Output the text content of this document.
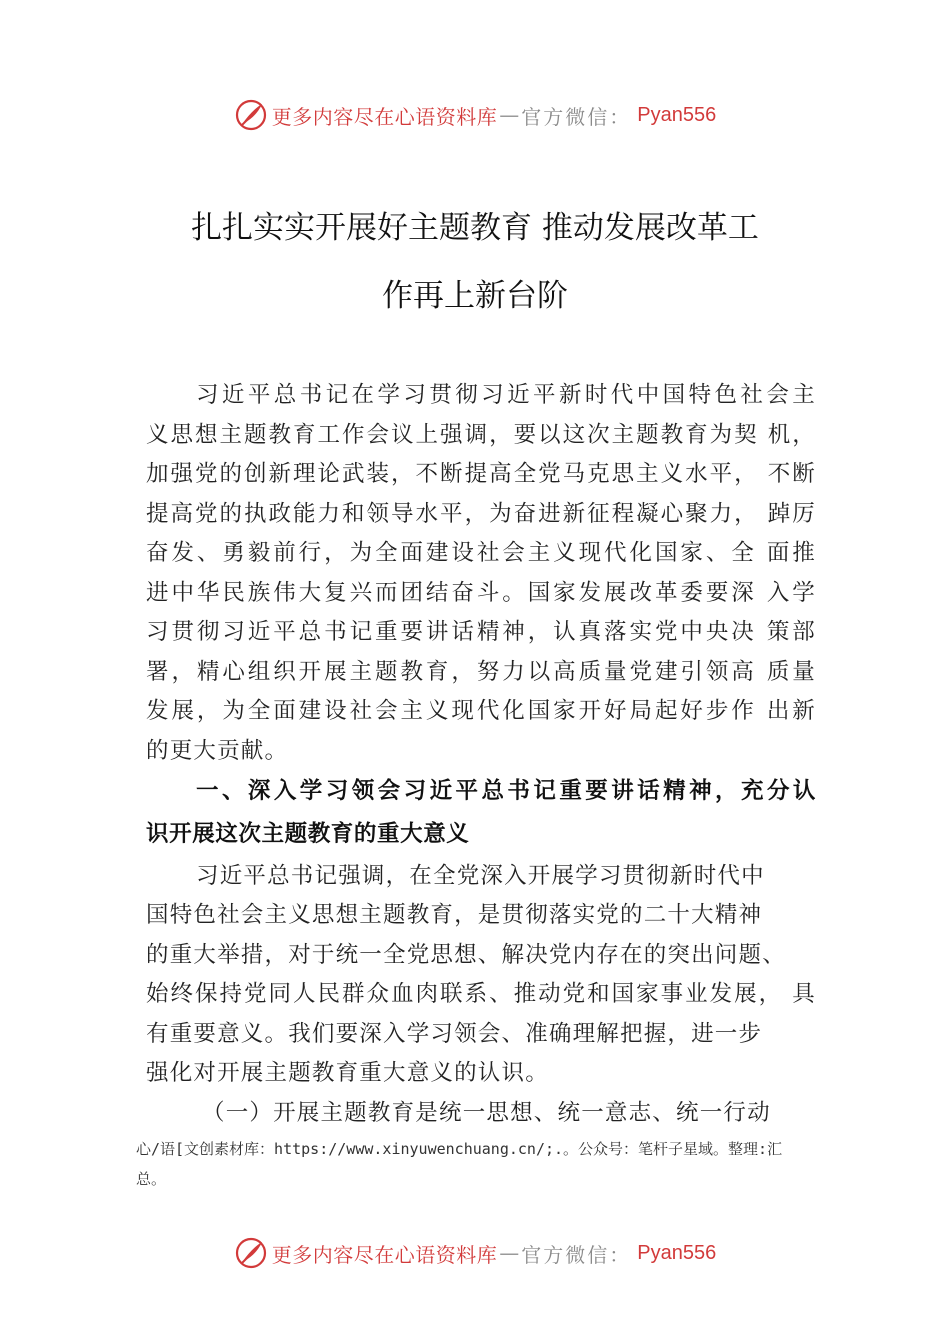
更多内容尽在心语资料库 — 官方微信： Pyan556
扎扎实实开展好主题教育 推动发展改革工
作再上新台阶
习近平总书记在学习贯彻习近平新时代中国特色社会主
义思想主题教育工作会议上强调，要以这次主题教育为契 机，
加强党的创新理论武装，不断提高全党马克思主义水平， 不断
提高党的执政能力和领导水平，为奋进新征程凝心聚力， 踔厉
奋发、勇毅前行，为全面建设社会主义现代化国家、全 面推
进中华民族伟大复兴而团结奋斗。国家发展改革委要深 入学
习贯彻习近平总书记重要讲话精神，认真落实党中央决 策部
署，精心组织开展主题教育，努力以高质量党建引领高 质量
发展，为全面建设社会主义现代化国家开好局起好步作 出新
的更大贡献。
一、深入学习领会习近平总书记重要讲话精神，充分认
识开展这次主题教育的重大意义
习近平总书记强调，在全党深入开展学习贯彻新时代中
国特色社会主义思想主题教育，是贯彻落实党的二十大精神
的重大举措，对于统一全党思想、解决党内存在的突出问题、
始终保持党同人民群众血肉联系、推动党和国家事业发展， 具
有重要意义。我们要深入学习领会、准确理解把握，进一步
强化对开展主题教育重大意义的认识。
（一）开展主题教育是统一思想、统一意志、统一行动
心/语[文创素材库：https://www.xinyuwenchuang.cn/;.。公众号：笔杆子星域。整理:汇
总。
更多内容尽在心语资料库 — 官方微信： Pyan556
